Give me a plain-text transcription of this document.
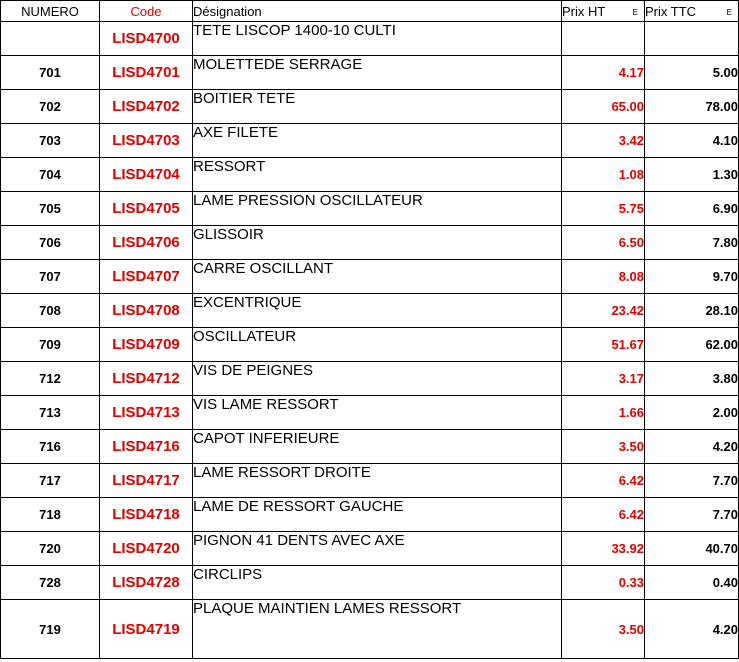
NUMERO	Code	Désignation	Prix HT E	Prix TTC E

	LISD4700	TETE LISCOP 1400-10 CULTI		
701	LISD4701	MOLETTEDE SERRAGE	4.17	5.00
702	LISD4702	BOITIER TETE	65.00	78.00
703	LISD4703	AXE FILETE	3.42	4.10
704	LISD4704	RESSORT	1.08	1.30
705	LISD4705	LAME PRESSION OSCILLATEUR	5.75	6.90
706	LISD4706	GLISSOIR	6.50	7.80
707	LISD4707	CARRE OSCILLANT	8.08	9.70
708	LISD4708	EXCENTRIQUE	23.42	28.10
709	LISD4709	OSCILLATEUR	51.67	62.00
712	LISD4712	VIS DE PEIGNES	3.17	3.80
713	LISD4713	VIS LAME RESSORT	1.66	2.00
716	LISD4716	CAPOT INFERIEURE	3.50	4.20
717	LISD4717	LAME RESSORT DROITE	6.42	7.70
718	LISD4718	LAME DE RESSORT GAUCHE	6.42	7.70
720	LISD4720	PIGNON 41 DENTS AVEC AXE	33.92	40.70
728	LISD4728	CIRCLIPS	0.33	0.40
719	LISD4719	PLAQUE MAINTIEN LAMES RESSORT	3.50	4.20
